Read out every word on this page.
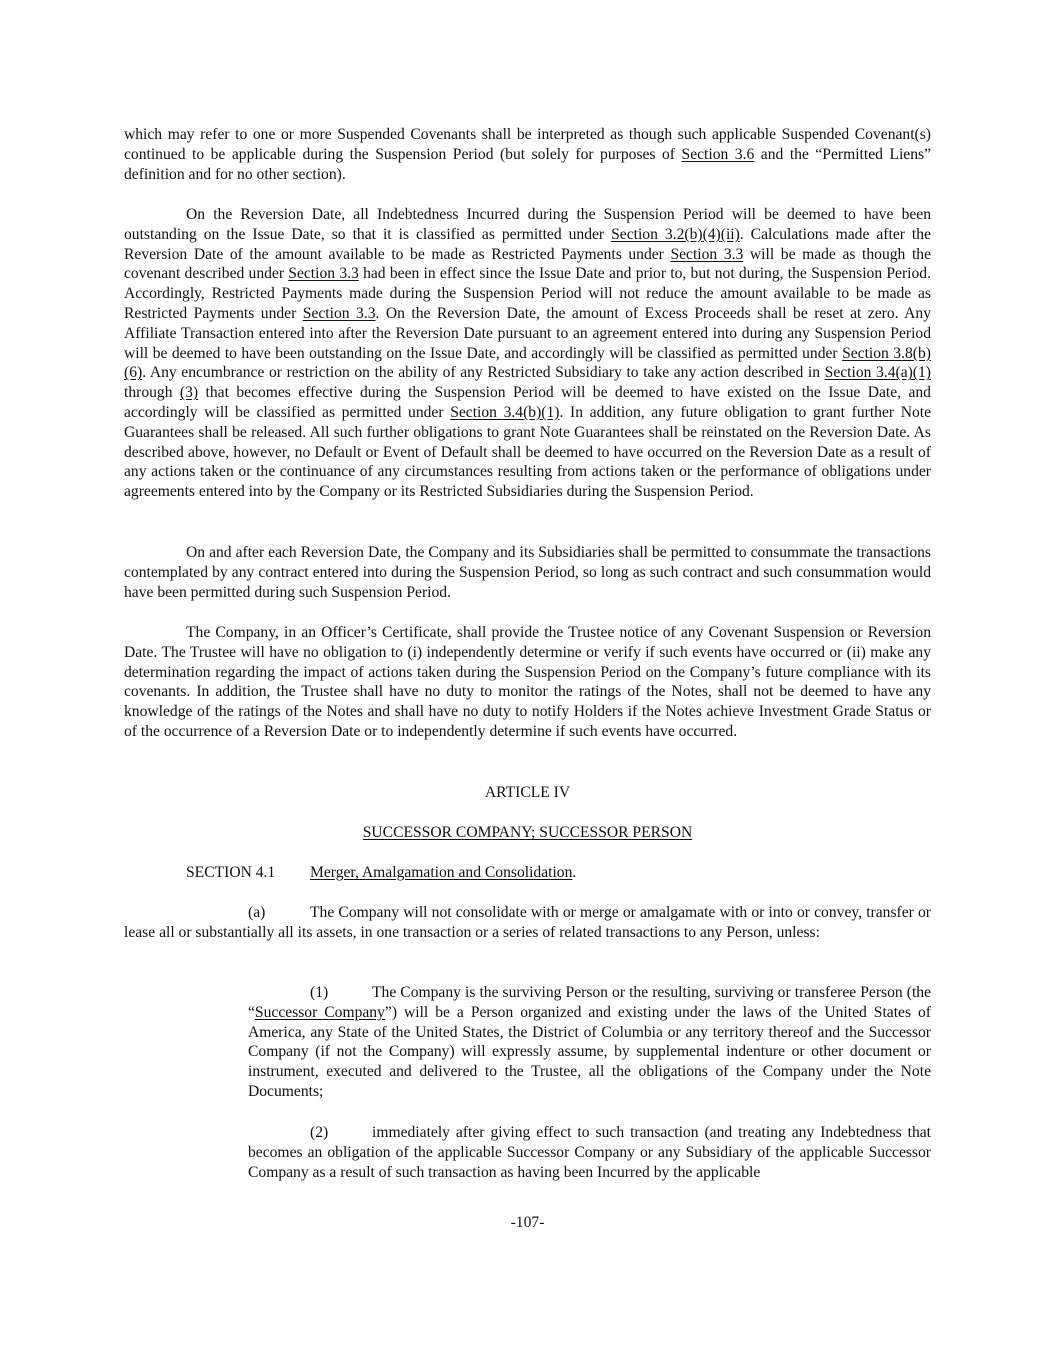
which may refer to one or more Suspended Covenants shall be interpreted as though such applicable Suspended Covenant(s) continued to be applicable during the Suspension Period (but solely for purposes of Section 3.6 and the “Permitted Liens” definition and for no other section).

On the Reversion Date, all Indebtedness Incurred during the Suspension Period will be deemed to have been outstanding on the Issue Date, so that it is classified as permitted under Section 3.2(b)(4)(ii). Calculations made after the Reversion Date of the amount available to be made as Restricted Payments under Section 3.3 will be made as though the covenant described under Section 3.3 had been in effect since the Issue Date and prior to, but not during, the Suspension Period. Accordingly, Restricted Payments made during the Suspension Period will not reduce the amount available to be made as Restricted Payments under Section 3.3. On the Reversion Date, the amount of Excess Proceeds shall be reset at zero. Any Affiliate Transaction entered into after the Reversion Date pursuant to an agreement entered into during any Suspension Period will be deemed to have been outstanding on the Issue Date, and accordingly will be classified as permitted under Section 3.8(b)(6). Any encumbrance or restriction on the ability of any Restricted Subsidiary to take any action described in Section 3.4(a)(1) through (3) that becomes effective during the Suspension Period will be deemed to have existed on the Issue Date, and accordingly will be classified as permitted under Section 3.4(b)(1). In addition, any future obligation to grant further Note Guarantees shall be released. All such further obligations to grant Note Guarantees shall be reinstated on the Reversion Date. As described above, however, no Default or Event of Default shall be deemed to have occurred on the Reversion Date as a result of any actions taken or the continuance of any circumstances resulting from actions taken or the performance of obligations under agreements entered into by the Company or its Restricted Subsidiaries during the Suspension Period.

On and after each Reversion Date, the Company and its Subsidiaries shall be permitted to consummate the transactions contemplated by any contract entered into during the Suspension Period, so long as such contract and such consummation would have been permitted during such Suspension Period.

The Company, in an Officer’s Certificate, shall provide the Trustee notice of any Covenant Suspension or Reversion Date. The Trustee will have no obligation to (i) independently determine or verify if such events have occurred or (ii) make any determination regarding the impact of actions taken during the Suspension Period on the Company’s future compliance with its covenants. In addition, the Trustee shall have no duty to monitor the ratings of the Notes, shall not be deemed to have any knowledge of the ratings of the Notes and shall have no duty to notify Holders if the Notes achieve Investment Grade Status or of the occurrence of a Reversion Date or to independently determine if such events have occurred.

ARTICLE IV

SUCCESSOR COMPANY; SUCCESSOR PERSON

SECTION 4.1 Merger, Amalgamation and Consolidation.

(a)	The Company will not consolidate with or merge or amalgamate with or into or convey, transfer or lease all or substantially all its assets, in one transaction or a series of related transactions to any Person, unless:

(1)	The Company is the surviving Person or the resulting, surviving or transferee Person (the “Successor Company”) will be a Person organized and existing under the laws of the United States of America, any State of the United States, the District of Columbia or any territory thereof and the Successor Company (if not the Company) will expressly assume, by supplemental indenture or other document or instrument, executed and delivered to the Trustee, all the obligations of the Company under the Note Documents;

(2)	immediately after giving effect to such transaction (and treating any Indebtedness that becomes an obligation of the applicable Successor Company or any Subsidiary of the applicable Successor Company as a result of such transaction as having been Incurred by the applicable

-107-
